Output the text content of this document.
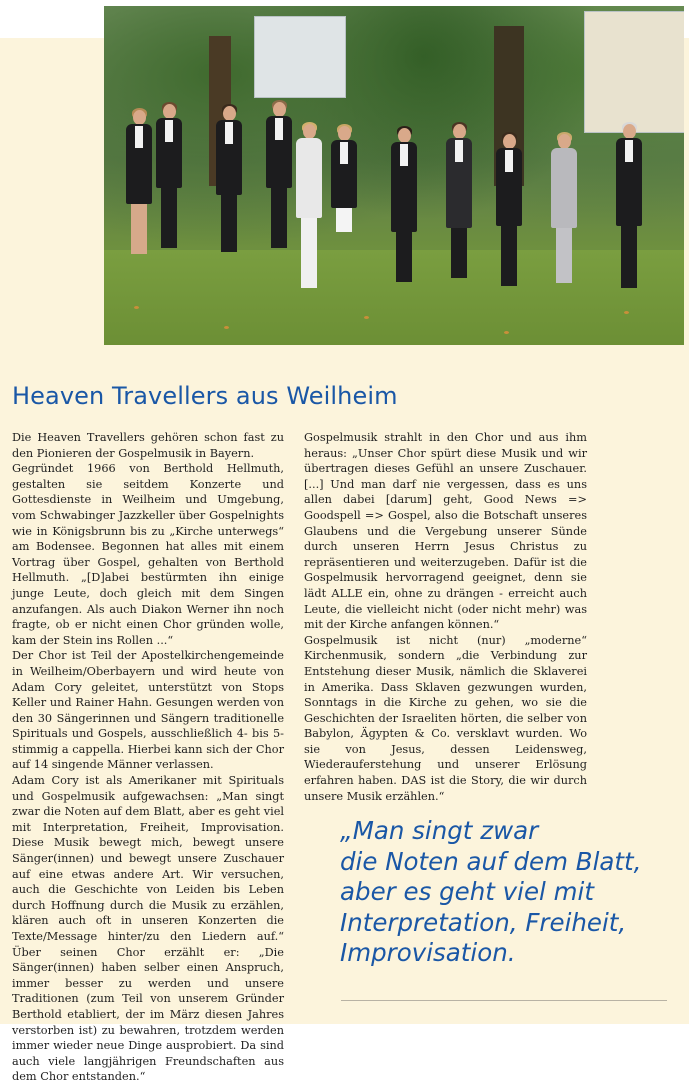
Heaven Travellers aus Weilheim

Die Heaven Travellers gehören schon fast zu den Pionieren der Gospelmusik in Bayern.

Gegründet 1966 von Berthold Hellmuth, gestalten sie seitdem Konzerte und Gottesdienste in Weilheim und Umgebung, vom Schwabinger Jazzkeller über Gospelnights wie in Königsbrunn bis zu „Kirche unterwegs“ am Bodensee. Begonnen hat alles mit einem Vortrag über Gospel, gehalten von Berthold Hellmuth. „[D]abei bestürmten ihn einige junge Leute, doch gleich mit dem Singen anzufangen. Als auch Diakon Werner ihn noch fragte, ob er nicht einen Chor gründen wolle, kam der Stein ins Rollen ...“

Der Chor ist Teil der Apostelkirchengemeinde in Weilheim/Oberbayern und wird heute von Adam Cory geleitet, unterstützt von Stops Keller und Rainer Hahn. Gesungen werden von den 30 Sängerinnen und Sängern traditionelle Spirituals und Gospels, ausschließlich 4- bis 5-stimmig a cappella. Hierbei kann sich der Chor auf 14 singende Männer verlassen.

Adam Cory ist als Amerikaner mit Spirituals und Gospelmusik aufgewachsen: „Man singt zwar die Noten auf dem Blatt, aber es geht viel mit Interpretation, Freiheit, Improvisation. Diese Musik bewegt mich, bewegt unsere Sänger(innen) und bewegt unsere Zuschauer auf eine etwas andere Art. Wir versuchen, auch die Geschichte von Leiden bis Leben durch Hoffnung durch die Musik zu erzählen, klären auch oft in unseren Konzerten die Texte/Message hinter/zu den Liedern auf.“ Über seinen Chor erzählt er: „Die Sänger(innen) haben selber einen Anspruch, immer besser zu werden und unsere Traditionen (zum Teil von unserem Gründer Berthold etabliert, der im März diesen Jahres verstorben ist) zu bewahren, trotzdem werden immer wieder neue Dinge ausprobiert. Da sind auch viele langjährigen Freundschaften aus dem Chor entstanden.“

Gospelmusik strahlt in den Chor und aus ihm heraus: „Unser Chor spürt diese Musik und wir übertragen dieses Gefühl an unsere Zuschauer. [...] Und man darf nie vergessen, dass es uns allen dabei [darum] geht, Good News => Goodspell => Gospel, also die Botschaft unseres Glaubens und die Vergebung unserer Sünde durch unseren Herrn Jesus Christus zu repräsentieren und weiterzugeben. Dafür ist die Gospelmusik hervorragend geeignet, denn sie lädt ALLE ein, ohne zu drängen - erreicht auch Leute, die vielleicht nicht (oder nicht mehr) was mit der Kirche anfangen können.“

Gospelmusik ist nicht (nur) „moderne“ Kirchenmusik, sondern „die Verbindung zur Entstehung dieser Musik, nämlich die Sklaverei in Amerika. Dass Sklaven gezwungen wurden, Sonntags in die Kirche zu gehen, wo sie die Geschichten der Israeliten hörten, die selber von Babylon, Ägypten & Co. versklavt wurden. Wo sie von Jesus, dessen Leidensweg, Wiederauferstehung und unserer Erlösung erfahren haben. DAS ist die Story, die wir durch unsere Musik erzählen.“

„Man singt zwar
die Noten auf dem Blatt,
aber es geht viel mit
Interpretation, Freiheit,
Improvisation.
